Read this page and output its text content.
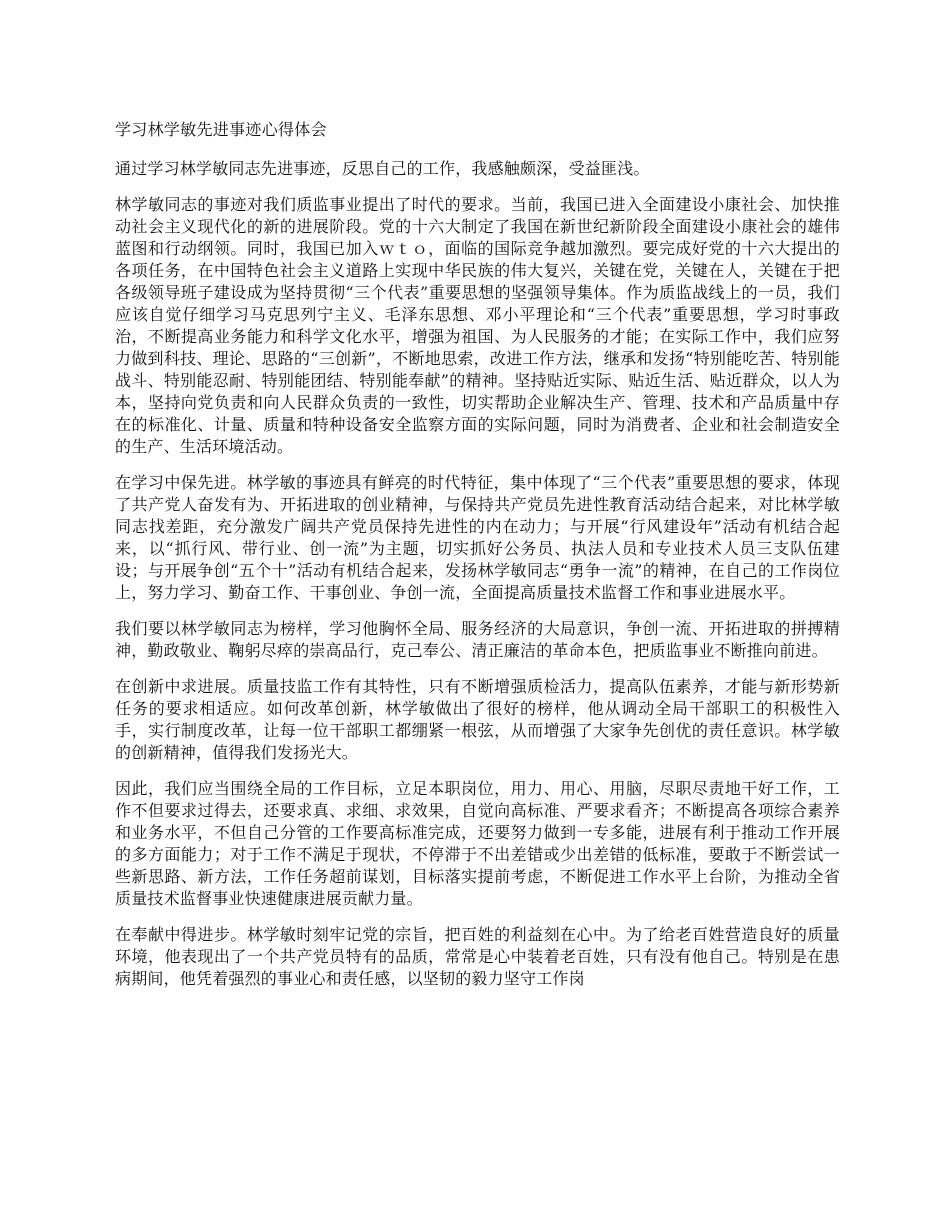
学习林学敏先进事迹心得体会

通过学习林学敏同志先进事迹，反思自己的工作，我感触颇深，受益匪浅。

林学敏同志的事迹对我们质监事业提出了时代的要求。当前，我国已进入全面建设小康社会、加快推动社会主义现代化的新的进展阶段。党的十六大制定了我国在新世纪新阶段全面建设小康社会的雄伟蓝图和行动纲领。同时，我国已加入ｗｔｏ，面临的国际竞争越加激烈。要完成好党的十六大提出的各项任务，在中国特色社会主义道路上实现中华民族的伟大复兴，关键在党，关键在人，关键在于把各级领导班子建设成为坚持贯彻“三个代表”重要思想的坚强领导集体。作为质监战线上的一员，我们应该自觉仔细学习马克思列宁主义、毛泽东思想、邓小平理论和“三个代表”重要思想，学习时事政治，不断提高业务能力和科学文化水平，增强为祖国、为人民服务的才能；在实际工作中，我们应努力做到科技、理论、思路的“三创新”，不断地思索，改进工作方法，继承和发扬“特别能吃苦、特别能战斗、特别能忍耐、特别能团结、特别能奉献”的精神。坚持贴近实际、贴近生活、贴近群众，以人为本，坚持向党负责和向人民群众负责的一致性，切实帮助企业解决生产、管理、技术和产品质量中存在的标准化、计量、质量和特种设备安全监察方面的实际问题，同时为消费者、企业和社会制造安全的生产、生活环境活动。

在学习中保先进。林学敏的事迹具有鲜亮的时代特征，集中体现了“三个代表”重要思想的要求，体现了共产党人奋发有为、开拓进取的创业精神，与保持共产党员先进性教育活动结合起来，对比林学敏同志找差距，充分激发广阔共产党员保持先进性的内在动力；与开展“行风建设年”活动有机结合起来，以“抓行风、带行业、创一流”为主题，切实抓好公务员、执法人员和专业技术人员三支队伍建设；与开展争创“五个十”活动有机结合起来，发扬林学敏同志“勇争一流”的精神，在自己的工作岗位上，努力学习、勤奋工作、干事创业、争创一流，全面提高质量技术监督工作和事业进展水平。

我们要以林学敏同志为榜样，学习他胸怀全局、服务经济的大局意识，争创一流、开拓进取的拼搏精神，勤政敬业、鞠躬尽瘁的崇高品行，克己奉公、清正廉洁的革命本色，把质监事业不断推向前进。

在创新中求进展。质量技监工作有其特性，只有不断增强质检活力，提高队伍素养，才能与新形势新任务的要求相适应。如何改革创新，林学敏做出了很好的榜样，他从调动全局干部职工的积极性入手，实行制度改革，让每一位干部职工都绷紧一根弦，从而增强了大家争先创优的责任意识。林学敏的创新精神，值得我们发扬光大。

因此，我们应当围绕全局的工作目标，立足本职岗位，用力、用心、用脑，尽职尽责地干好工作，工作不但要求过得去，还要求真、求细、求效果，自觉向高标准、严要求看齐；不断提高各项综合素养和业务水平，不但自己分管的工作要高标准完成，还要努力做到一专多能，进展有利于推动工作开展的多方面能力；对于工作不满足于现状，不停滞于不出差错或少出差错的低标准，要敢于不断尝试一些新思路、新方法，工作任务超前谋划，目标落实提前考虑，不断促进工作水平上台阶，为推动全省质量技术监督事业快速健康进展贡献力量。

在奉献中得进步。林学敏时刻牢记党的宗旨，把百姓的利益刻在心中。为了给老百姓营造良好的质量环境，他表现出了一个共产党员特有的品质，常常是心中装着老百姓，只有没有他自己。特别是在患病期间，他凭着强烈的事业心和责任感，以坚韧的毅力坚守工作岗
